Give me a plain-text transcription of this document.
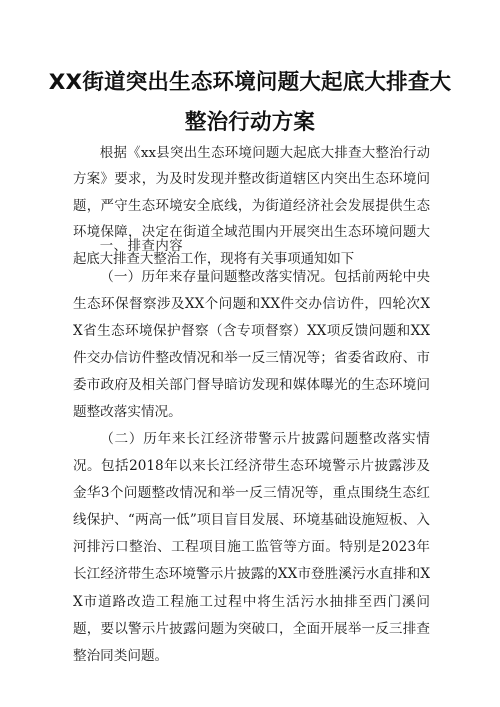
XX街道突出生态环境问题大起底大排查大
整治行动方案
根据《xx县突出生态环境问题大起底大排查大整治行动方案》要求，为及时发现并整改街道辖区内突出生态环境问题，严守生态环境安全底线，为街道经济社会发展提供生态环境保障，决定在街道全域范围内开展突出生态环境问题大起底大排查大整治工作，现将有关事项通知如下
一、排查内容
（一）历年来存量问题整改落实情况。包括前两轮中央生态环保督察涉及XX个问题和XX件交办信访件，四轮次XX省生态环境保护督察（含专项督察）XX项反馈问题和XX件交办信访件整改情况和举一反三情况等；省委省政府、市委市政府及相关部门督导暗访发现和媒体曝光的生态环境问题整改落实情况。
（二）历年来长江经济带警示片披露问题整改落实情况。包括2018年以来长江经济带生态环境警示片披露涉及金华3个问题整改情况和举一反三情况等，重点围绕生态红线保护、“两高一低”项目盲目发展、环境基础设施短板、入河排污口整治、工程项目施工监管等方面。特别是2023年长江经济带生态环境警示片披露的XX市登胜溪污水直排和XX市道路改造工程施工过程中将生活污水抽排至西门溪问题，要以警示片披露问题为突破口，全面开展举一反三排查整治同类问题。
